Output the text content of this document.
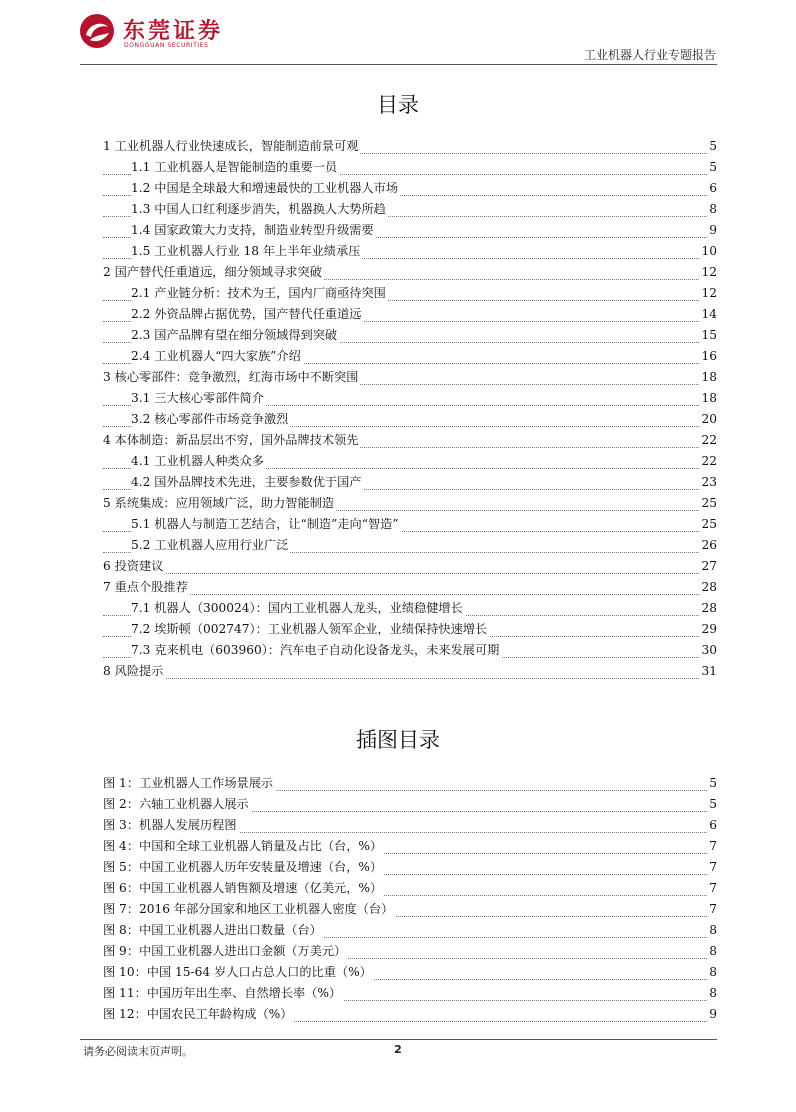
东莞证券
DONGGUAN SECURITIES
工业机器人行业专题报告
目录
1 工业机器人行业快速成长，智能制造前景可观	5
1.1 工业机器人是智能制造的重要一员	5
1.2 中国是全球最大和增速最快的工业机器人市场	6
1.3 中国人口红利逐步消失，机器换人大势所趋	8
1.4 国家政策大力支持，制造业转型升级需要	9
1.5 工业机器人行业 18 年上半年业绩承压	10
2 国产替代任重道远，细分领域寻求突破	12
2.1 产业链分析：技术为王，国内厂商亟待突围	12
2.2 外资品牌占据优势，国产替代任重道远	14
2.3 国产品牌有望在细分领域得到突破	15
2.4 工业机器人“四大家族”介绍	16
3 核心零部件：竞争激烈，红海市场中不断突围	18
3.1 三大核心零部件简介	18
3.2 核心零部件市场竞争激烈	20
4 本体制造：新品层出不穷，国外品牌技术领先	22
4.1 工业机器人种类众多	22
4.2 国外品牌技术先进，主要参数优于国产	23
5 系统集成：应用领域广泛，助力智能制造	25
5.1 机器人与制造工艺结合，让“制造”走向“智造”	25
5.2 工业机器人应用行业广泛	26
6 投资建议	27
7 重点个股推荐	28
7.1 机器人（300024）：国内工业机器人龙头，业绩稳健增长	28
7.2 埃斯顿（002747）：工业机器人领军企业，业绩保持快速增长	29
7.3 克来机电（603960）：汽车电子自动化设备龙头，未来发展可期	30
8 风险提示	31
插图目录
图 1：工业机器人工作场景展示	5
图 2：六轴工业机器人展示	5
图 3：机器人发展历程图	6
图 4：中国和全球工业机器人销量及占比（台，%）	7
图 5：中国工业机器人历年安装量及增速（台，%）	7
图 6：中国工业机器人销售额及增速（亿美元，%）	7
图 7：2016 年部分国家和地区工业机器人密度（台）	7
图 8：中国工业机器人进出口数量（台）	8
图 9：中国工业机器人进出口金额（万美元）	8
图 10：中国 15-64 岁人口占总人口的比重（%）	8
图 11：中国历年出生率、自然增长率（%）	8
图 12：中国农民工年龄构成（%）	9
请务必阅读末页声明。	2
